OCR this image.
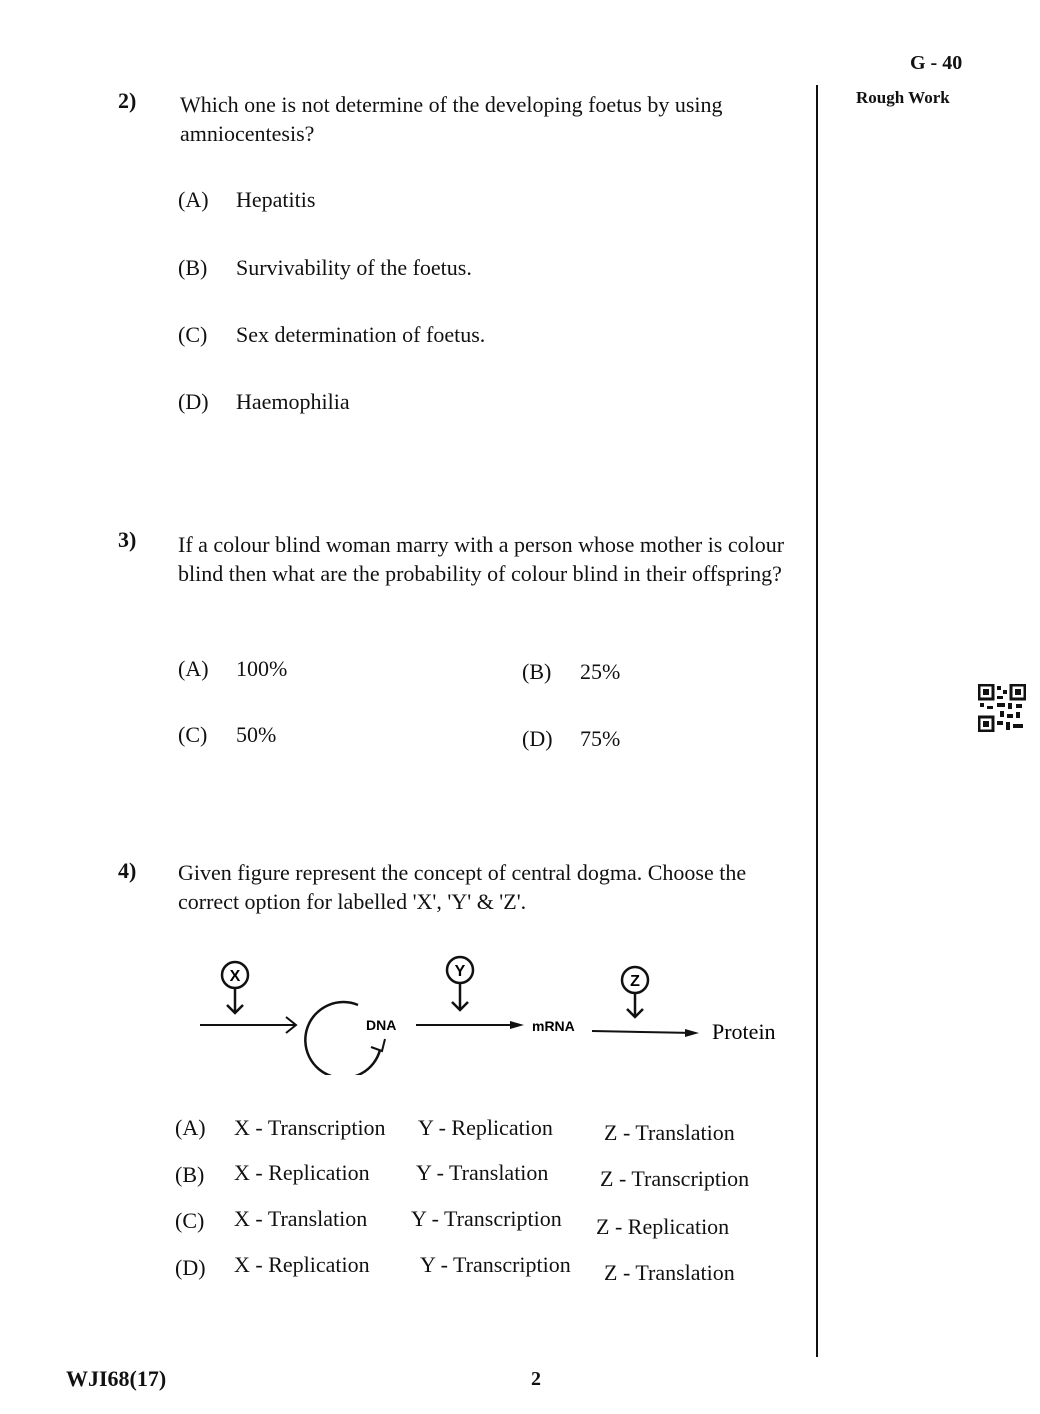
G - 40
Rough Work
2) Which one is not determine of the developing foetus by using amniocentesis?
(A) Hepatitis
(B) Survivability of the foetus.
(C) Sex determination of foetus.
(D) Haemophilia
3) If a colour blind woman marry with a person whose mother is colour blind then what are the probability of colour blind in their offspring?
(A) 100%	(B) 25%
(C) 50%	(D) 75%
4) Given figure represent the concept of central dogma. Choose the correct option for labelled 'X', 'Y' & 'Z'.
X
DNA
Y
mRNA
Z
Protein
(A) X - Transcription Y - Replication Z - Translation
(B) X - Replication Y - Translation Z - Transcription
(C) X - Translation Y - Transcription Z - Replication
(D) X - Replication Y - Transcription Z - Translation
WJI68(17)	2
